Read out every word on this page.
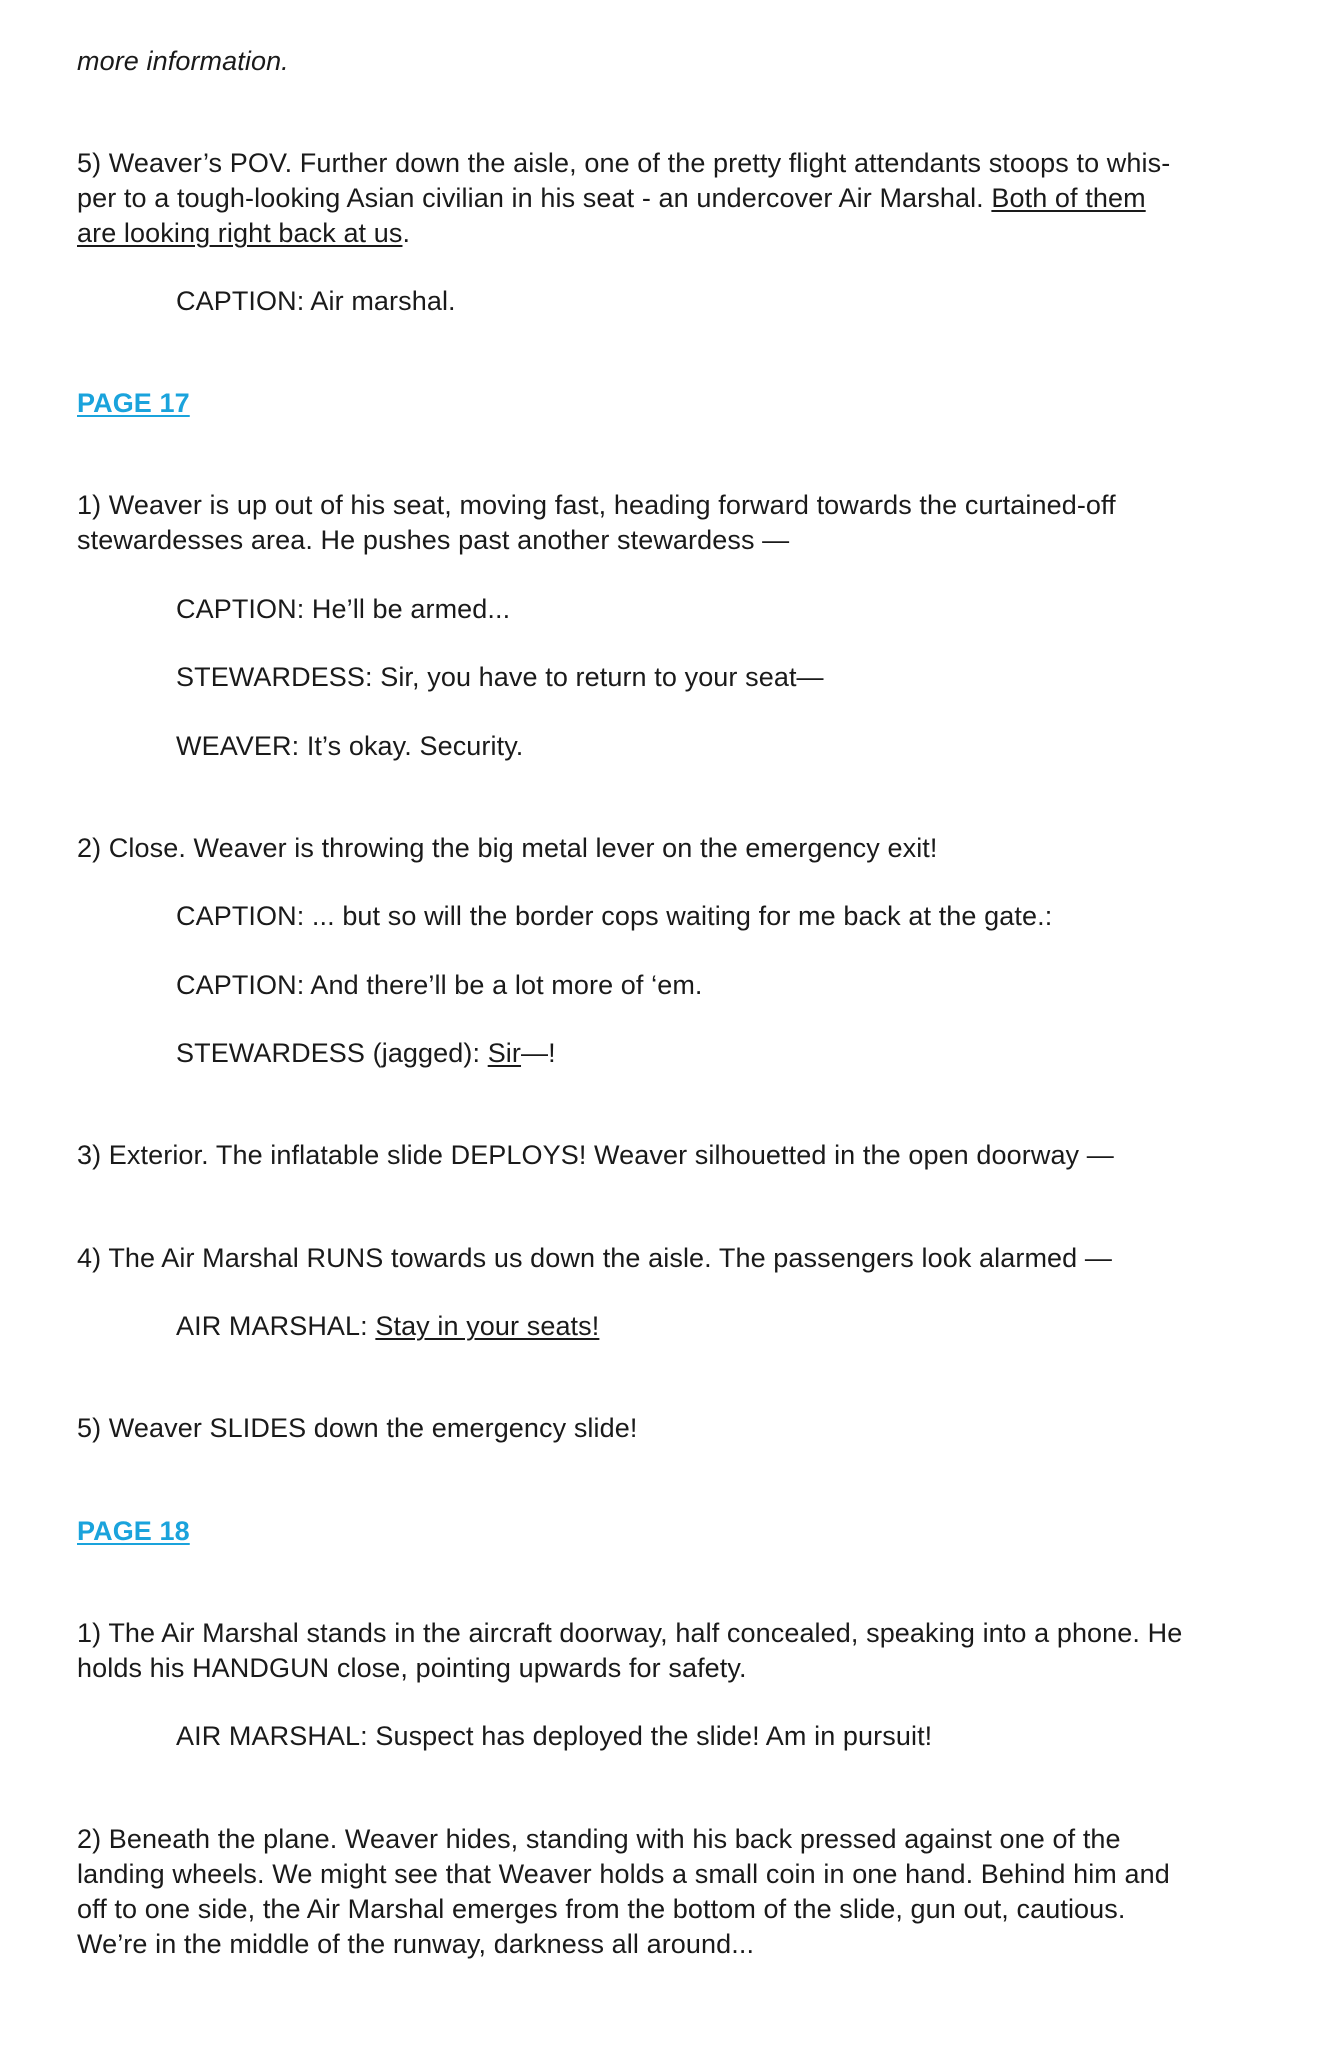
more information.
5) Weaver’s POV. Further down the aisle, one of the pretty flight attendants stoops to whis-
per to a tough-looking Asian civilian in his seat - an undercover Air Marshal. Both of them
are looking right back at us.
CAPTION: Air marshal.
PAGE 17
1) Weaver is up out of his seat, moving fast, heading forward towards the curtained-off
stewardesses area. He pushes past another stewardess —
CAPTION: He’ll be armed...
STEWARDESS: Sir, you have to return to your seat—
WEAVER: It’s okay. Security.
2) Close. Weaver is throwing the big metal lever on the emergency exit!
CAPTION: ... but so will the border cops waiting for me back at the gate.:
CAPTION: And there’ll be a lot more of ‘em.
STEWARDESS (jagged): Sir—!
3) Exterior. The inflatable slide DEPLOYS! Weaver silhouetted in the open doorway —
4) The Air Marshal RUNS towards us down the aisle. The passengers look alarmed —
AIR MARSHAL: Stay in your seats!
5) Weaver SLIDES down the emergency slide!
PAGE 18
1) The Air Marshal stands in the aircraft doorway, half concealed, speaking into a phone. He
holds his HANDGUN close, pointing upwards for safety.
AIR MARSHAL: Suspect has deployed the slide! Am in pursuit!
2) Beneath the plane. Weaver hides, standing with his back pressed against one of the
landing wheels. We might see that Weaver holds a small coin in one hand. Behind him and
off to one side, the Air Marshal emerges from the bottom of the slide, gun out, cautious.
We’re in the middle of the runway, darkness all around...
